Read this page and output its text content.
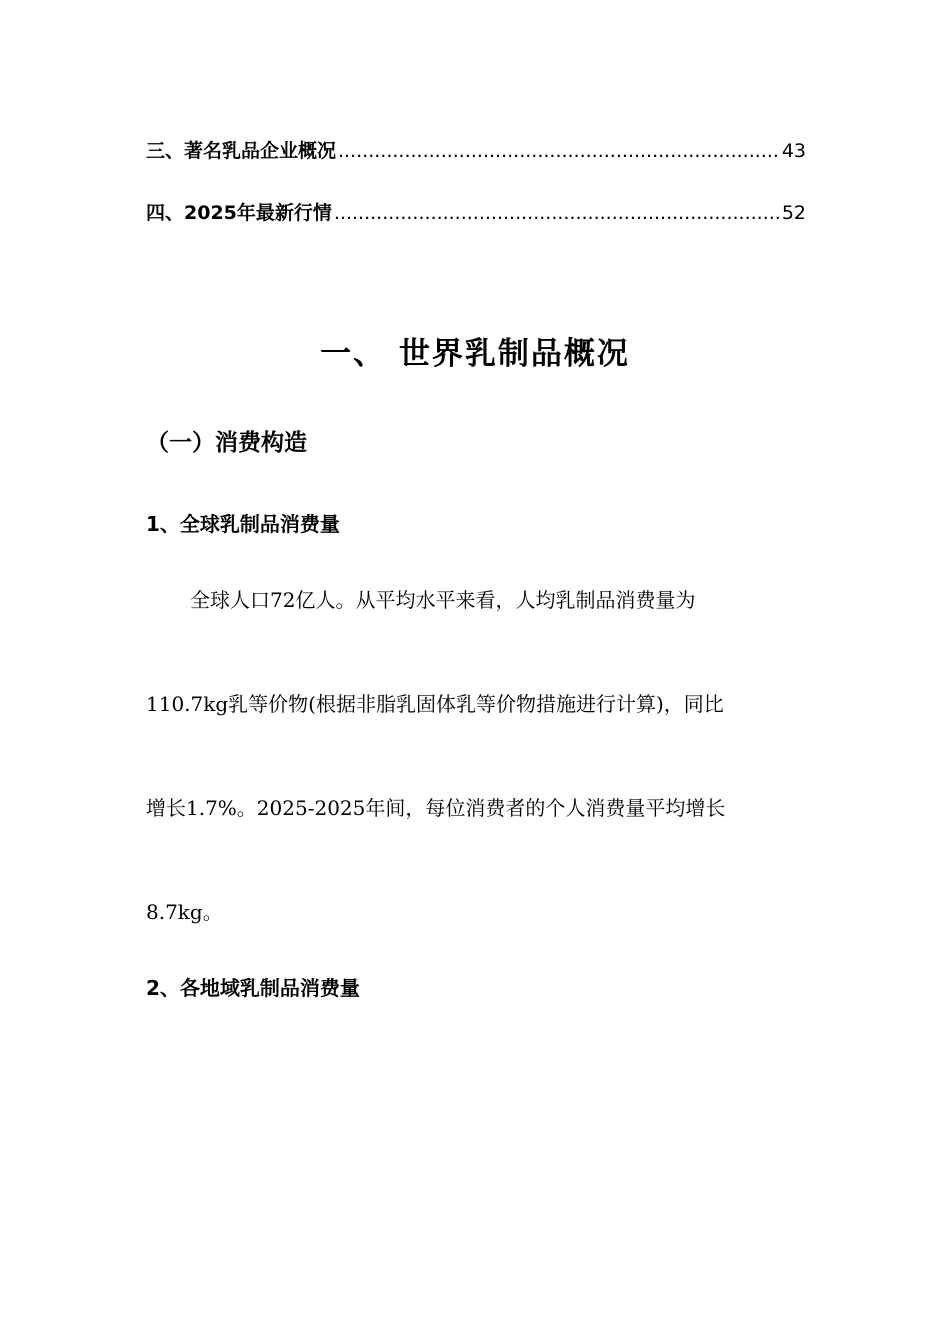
三、著名乳品企业概况 .....	43
四、2025年最新行情 .....	52
一、 世界乳制品概况
（一）消费构造
1、全球乳制品消费量
全球人口72亿人。从平均水平来看，人均乳制品消费量为
110.7kg乳等价物(根据非脂乳固体乳等价物措施进行计算)，同比
增长1.7%。2025-2025年间，每位消费者的个人消费量平均增长
8.7kg。
2、各地域乳制品消费量
